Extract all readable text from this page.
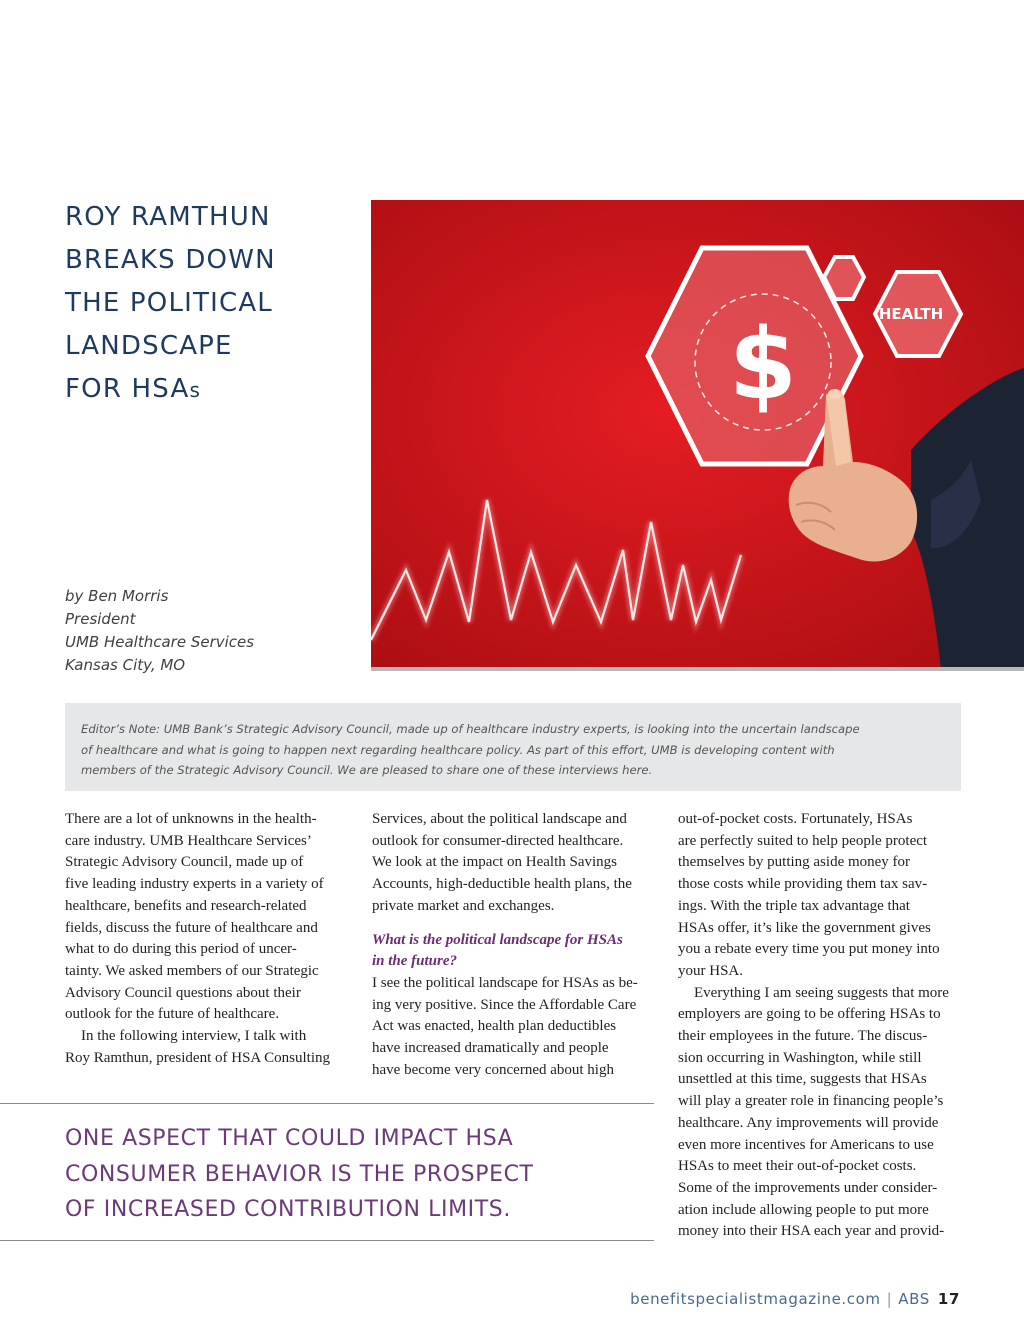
ROY RAMTHUN
BREAKS DOWN
THE POLITICAL
LANDSCAPE
FOR HSAs
by Ben Morris
President
UMB Healthcare Services
Kansas City, MO
HEALTH
$
Editor’s Note: UMB Bank’s Strategic Advisory Council, made up of healthcare industry experts, is looking into the uncertain landscape
of healthcare and what is going to happen next regarding healthcare policy. As part of this effort, UMB is developing content with
members of the Strategic Advisory Council. We are pleased to share one of these interviews here.
There are a lot of unknowns in the health-
care industry. UMB Healthcare Services’
Strategic Advisory Council, made up of
five leading industry experts in a variety of
healthcare, benefits and research-related
fields, discuss the future of healthcare and
what to do during this period of uncer-
tainty. We asked members of our Strategic
Advisory Council questions about their
outlook for the future of healthcare.
In the following interview, I talk with
Roy Ramthun, president of HSA Consulting
Services, about the political landscape and
outlook for consumer-directed healthcare.
We look at the impact on Health Savings
Accounts, high-deductible health plans, the
private market and exchanges.
What is the political landscape for HSAs
in the future?
I see the political landscape for HSAs as be-
ing very positive. Since the Affordable Care
Act was enacted, health plan deductibles
have increased dramatically and people
have become very concerned about high
out-of-pocket costs. Fortunately, HSAs
are perfectly suited to help people protect
themselves by putting aside money for
those costs while providing them tax sav-
ings. With the triple tax advantage that
HSAs offer, it’s like the government gives
you a rebate every time you put money into
your HSA.
Everything I am seeing suggests that more
employers are going to be offering HSAs to
their employees in the future. The discus-
sion occurring in Washington, while still
unsettled at this time, suggests that HSAs
will play a greater role in financing people’s
healthcare. Any improvements will provide
even more incentives for Americans to use
HSAs to meet their out-of-pocket costs.
Some of the improvements under consider-
ation include allowing people to put more
money into their HSA each year and provid-
ONE ASPECT THAT COULD IMPACT HSA
CONSUMER BEHAVIOR IS THE PROSPECT
OF INCREASED CONTRIBUTION LIMITS.
benefitspecialistmagazine.com | ABS 17
